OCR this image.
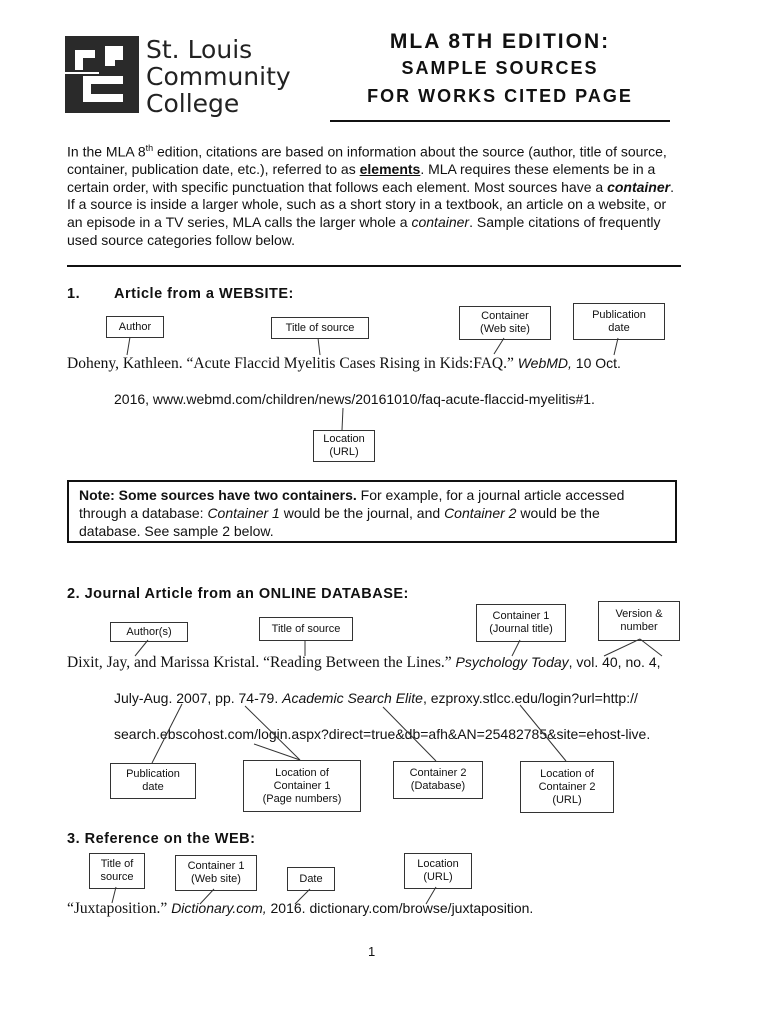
St. Louis
Community
College
MLA 8TH EDITION:
SAMPLE SOURCES
FOR WORKS CITED PAGE
In the MLA 8th edition, citations are based on information about the source (author, title of source, container, publication date, etc.), referred to as elements. MLA requires these elements be in a certain order, with specific punctuation that follows each element. Most sources have a container. If a source is inside a larger whole, such as a short story in a textbook, an article on a website, or an episode in a TV series, MLA calls the larger whole a container. Sample citations of frequently used source categories follow below.
1. Article from a WEBSITE:
Author	Title of source
Container
(Web site)
Publication
date
Doheny, Kathleen. “Acute Flaccid Myelitis Cases Rising in Kids:FAQ.” WebMD, 10 Oct.
2016, www.webmd.com/children/news/20161010/faq-acute-flaccid-myelitis#1.
Location
(URL)
Note: Some sources have two containers. For example, for a journal article accessed through a database: Container 1 would be the journal, and Container 2 would be the database. See sample 2 below.
2. Journal Article from an ONLINE DATABASE:
Author(s)	Title of source
Container 1
(Journal title)
Version &
number
Dixit, Jay, and Marissa Kristal. “Reading Between the Lines.” Psychology Today, vol. 40, no. 4,
July-Aug. 2007, pp. 74-79. Academic Search Elite, ezproxy.stlcc.edu/login?url=http://
search.ebscohost.com/login.aspx?direct=true&db=afh&AN=25482785&site=ehost-live.
Publication
date
Location of
Container 1
(Page numbers)
Container 2
(Database)
Location of
Container 2
(URL)
3. Reference on the WEB:
Title of
source
Container 1
(Web site)	Date
Location
(URL)
“Juxtaposition.” Dictionary.com, 2016. dictionary.com/browse/juxtaposition.
1
